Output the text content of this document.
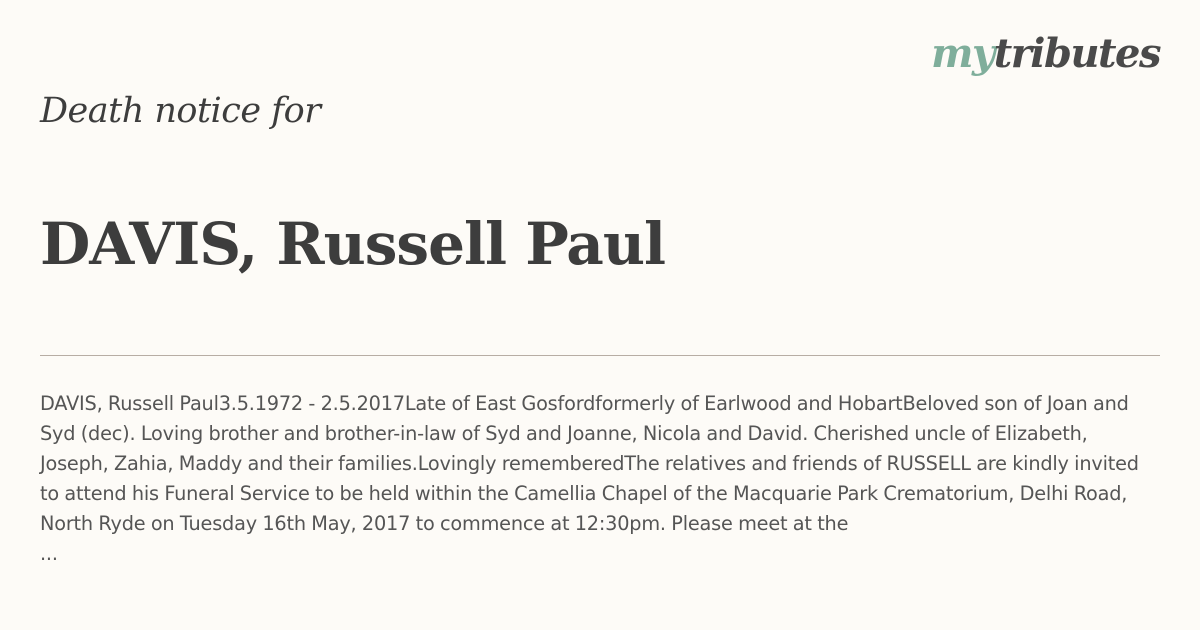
mytributes
Death notice for
DAVIS, Russell Paul
DAVIS, Russell Paul3.5.1972 - 2.5.2017Late of East Gosfordformerly of Earlwood and HobartBeloved son of Joan and Syd (dec). Loving brother and brother-in-law of Syd and Joanne, Nicola and David. Cherished uncle of Elizabeth, Joseph, Zahia, Maddy and their families.Lovingly rememberedThe relatives and friends of RUSSELL are kindly invited to attend his Funeral Service to be held within the Camellia Chapel of the Macquarie Park Crematorium, Delhi Road, North Ryde on Tuesday 16th May, 2017 to commence at 12:30pm. Please meet at the
...
